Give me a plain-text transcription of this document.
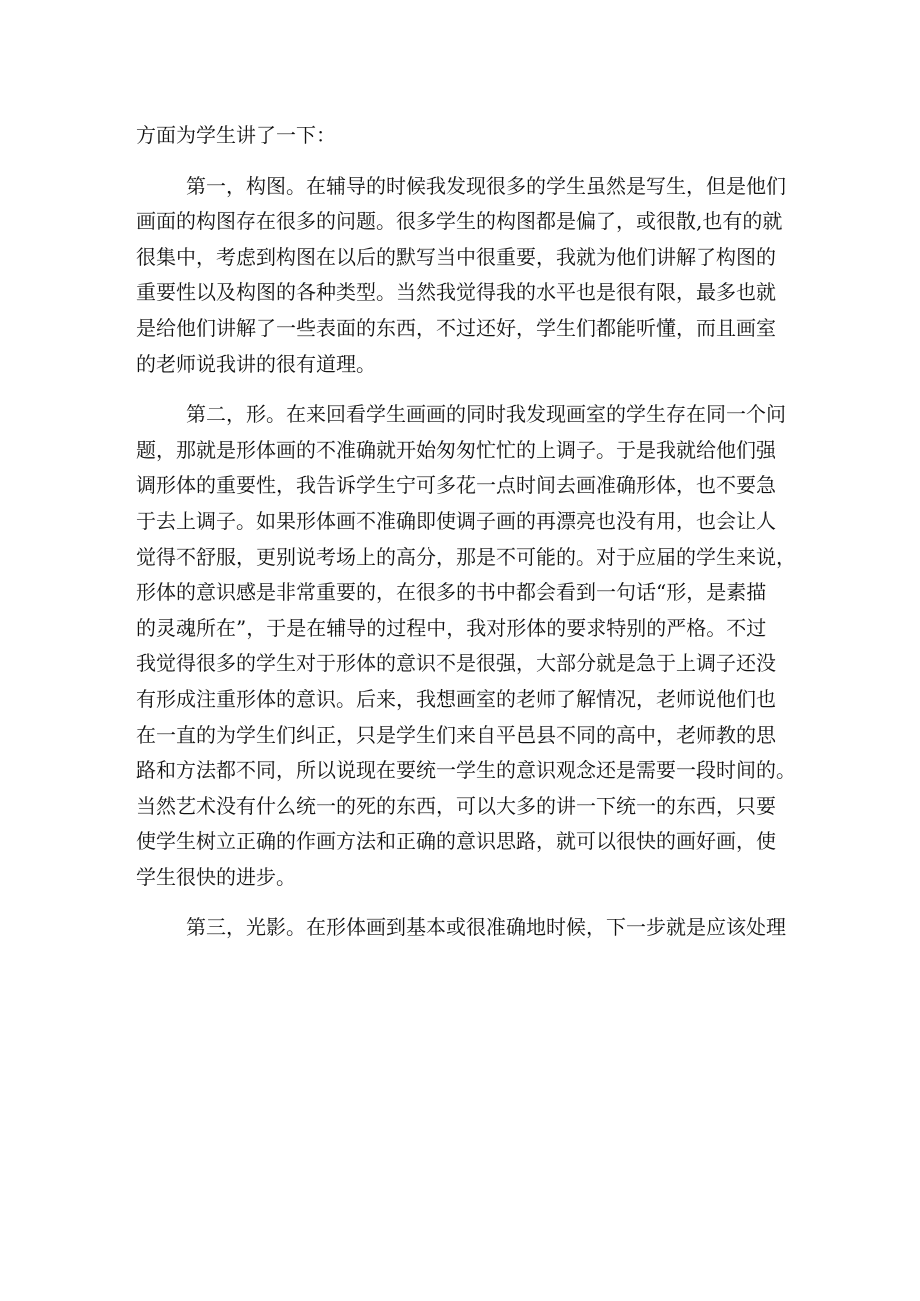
方面为学生讲了一下：
第一，构图。在辅导的时候我发现很多的学生虽然是写生，但是他们
画面的构图存在很多的问题。很多学生的构图都是偏了，或很散,也有的就
很集中，考虑到构图在以后的默写当中很重要，我就为他们讲解了构图的
重要性以及构图的各种类型。当然我觉得我的水平也是很有限，最多也就
是给他们讲解了一些表面的东西，不过还好，学生们都能听懂，而且画室
的老师说我讲的很有道理。
第二，形。在来回看学生画画的同时我发现画室的学生存在同一个问
题，那就是形体画的不准确就开始匆匆忙忙的上调子。于是我就给他们强
调形体的重要性，我告诉学生宁可多花一点时间去画准确形体，也不要急
于去上调子。如果形体画不准确即使调子画的再漂亮也没有用，也会让人
觉得不舒服，更别说考场上的高分，那是不可能的。对于应届的学生来说，
形体的意识感是非常重要的，在很多的书中都会看到一句话“形，是素描
的灵魂所在”，于是在辅导的过程中，我对形体的要求特别的严格。不过
我觉得很多的学生对于形体的意识不是很强，大部分就是急于上调子还没
有形成注重形体的意识。后来，我想画室的老师了解情况，老师说他们也
在一直的为学生们纠正，只是学生们来自平邑县不同的高中，老师教的思
路和方法都不同，所以说现在要统一学生的意识观念还是需要一段时间的。
当然艺术没有什么统一的死的东西，可以大多的讲一下统一的东西，只要
使学生树立正确的作画方法和正确的意识思路，就可以很快的画好画，使
学生很快的进步。
第三，光影。在形体画到基本或很准确地时候，下一步就是应该处理
